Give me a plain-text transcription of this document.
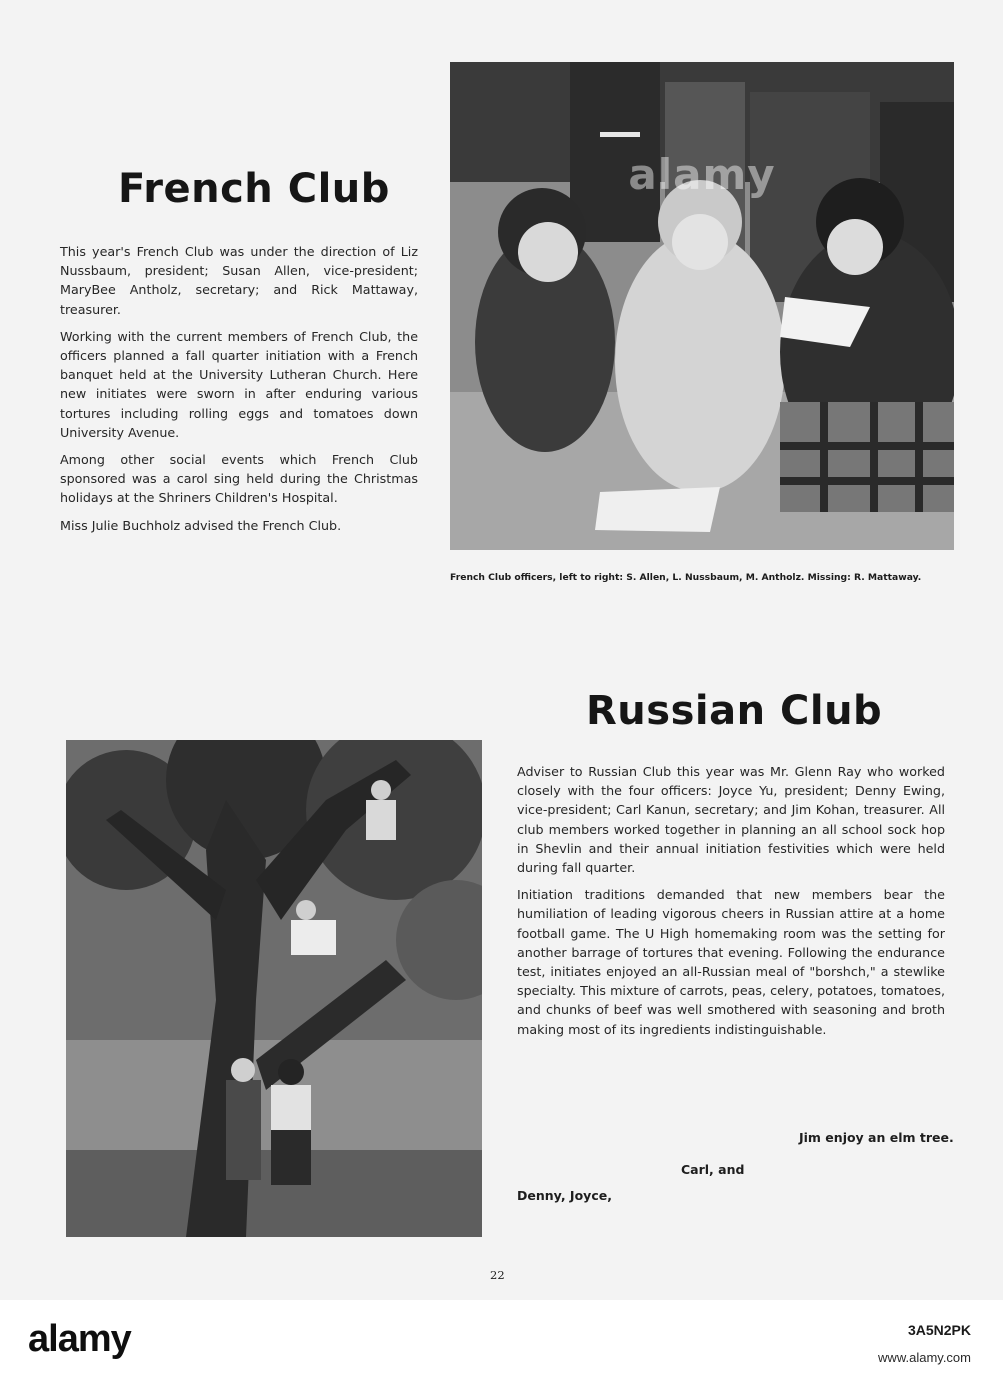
French Club

This year's French Club was under the direction of Liz Nussbaum, president; Susan Allen, vice-president; MaryBee Antholz, secretary; and Rick Mattaway, treasurer.

Working with the current members of French Club, the officers planned a fall quarter initiation with a French banquet held at the University Lutheran Church. Here new initiates were sworn in after enduring various tortures including rolling eggs and tomatoes down University Avenue.

Among other social events which French Club sponsored was a carol sing held during the Christmas holidays at the Shriners Children's Hospital.

Miss Julie Buchholz advised the French Club.

alamy
French Club officers, left to right: S. Allen, L. Nussbaum, M. Antholz. Missing: R. Mattaway.
Russian Club

Adviser to Russian Club this year was Mr. Glenn Ray who worked closely with the four officers: Joyce Yu, president; Denny Ewing, vice-president; Carl Kanun, secretary; and Jim Kohan, treasurer. All club members worked together in planning an all school sock hop in Shevlin and their annual initiation festivities which were held during fall quarter.

Initiation traditions demanded that new members bear the humiliation of leading vigorous cheers in Russian attire at a home football game. The U High homemaking room was the setting for another barrage of tortures that evening. Following the endurance test, initiates enjoyed an all-Russian meal of "borshch," a stewlike specialty. This mixture of carrots, peas, celery, potatoes, tomatoes, and chunks of beef was well smothered with seasoning and broth making most of its ingredients indistinguishable.

Jim enjoy an elm tree.
Carl, and
Denny, Joyce,
22
alamy	3A5N2PK
www.alamy.com
